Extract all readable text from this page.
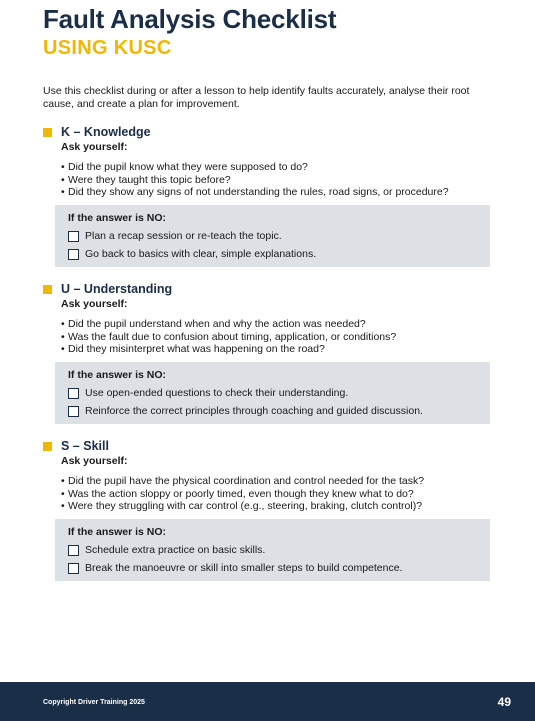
Fault Analysis Checklist
USING KUSC
Use this checklist during or after a lesson to help identify faults accurately, analyse their root cause, and create a plan for improvement.
K – Knowledge
Ask yourself:
• Did the pupil know what they were supposed to do?
• Were they taught this topic before?
• Did they show any signs of not understanding the rules, road signs, or procedure?
If the answer is NO:
Plan a recap session or re-teach the topic.
Go back to basics with clear, simple explanations.
U – Understanding
Ask yourself:
• Did the pupil understand when and why the action was needed?
• Was the fault due to confusion about timing, application, or conditions?
• Did they misinterpret what was happening on the road?
If the answer is NO:
Use open-ended questions to check their understanding.
Reinforce the correct principles through coaching and guided discussion.
S – Skill
Ask yourself:
• Did the pupil have the physical coordination and control needed for the task?
• Was the action sloppy or poorly timed, even though they knew what to do?
• Were they struggling with car control (e.g., steering, braking, clutch control)?
If the answer is NO:
Schedule extra practice on basic skills.
Break the manoeuvre or skill into smaller steps to build competence.
Copyright Driver Training 2025	49
